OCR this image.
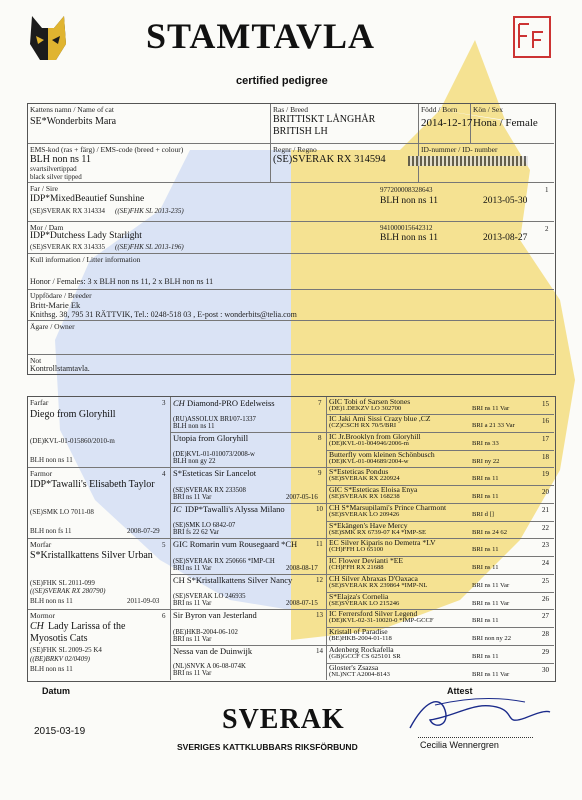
STAMTAVLA
certified pedigree
Kattens namn / Name of cat
SE*Wonderbits Mara
Ras / Breed
BRITTISKT LÅNGHÅR
BRITISH LH
Född / Born
2014-12-17
Kön / Sex
Hona / Female
EMS-kod (ras + färg) / EMS-code (breed + colour)
BLH non ns 11
svartsilvertippad
black silver tipped
Regnr / Regno
(SE)SVERAK RX 314594
ID-nummer / ID- number
Far / Sire
IDP*MixedBeautief Sunshine
(SE)SVERAK RX 314334 ((SE)FHK SL 2013-235)
977200008328643
BLH non ns 11	2013-05-30
1
Mor / Dam
IDP*Dutchess Lady Starlight
(SE)SVERAK RX 314335 ((SE)FHK SL 2013-196)
941000015642312
BLH non ns 11	2013-08-27
2
Kull information / Litter information
Honor / Females: 3 x BLH non ns 11, 2 x BLH non ns 11
Uppfödare / Breeder
Britt-Marie Ek
Knithsg. 38, 795 31 RÄTTVIK, Tel.: 0248-518 03 , E-post : wonderbits@telia.com
Ägare / Owner
Not
Kontrollstamtavla.
Farfar
Diego from Gloryhill
(DE)KVL-01-015860/2010-m
BLH non ns 11
3
Farmor
IDP*Tawalli's Elisabeth Taylor
(SE)SMK LO 7011-08
BLH non fs 11	2008-07-29
4
Morfar
S*Kristallkattens Silver Urban
(SE)FHK SL 2011-099
((SE)SVERAK RX 280790)
BLH non ns 11	2011-09-03
5
Mormor
CH Lady Larissa of the
Myosotis Cats
(SE)FHK SL 2009-25 K4
((BE)BRKV 02/0409)
BLH non ns 11
6
CH Diamond-PRO Edelweiss
(RU)ASSOLUX BRI/07-1337
BLH non ns 11
7
Utopia from Gloryhill
(DE)KVL-01-010073/2008-w
BLH non gy 22
8
S*Esteticas Sir Lancelot
(SE)SVERAK RX 233508
BRI ns 11 Var	2007-05-16
9
IC IDP*Tawalli's Alyssa Milano
(SE)SMK LO 6842-07
BRI fs 22 62 Var
10
GIC Romarin vum Rousegaard *CH
(SE)SVERAK RX 250666 *IMP-CH
BRI ns 11 Var	2008-08-17
11
CH S*Kristallkattens Silver Nancy
(SE)SVERAK LO 246935
BRI ns 11 Var	2008-07-15
12
Sir Byron van Jesterland
(BE)HKB-2004-06-102
BRI ns 11 Var
13
Nessa van de Duinwijk
(NL)SNVK A 06-08-074K
BRI ns 11 Var
14
GIC Tobi of Sarsen Stones
(DE)1.DEKZV LO 302700	BRI ns 11 Var
15
IC Jaki Ami Sissi Crazy blue ,CZ
(CZ)CSCH RX 70/5/BRI	BRI a 21 33 Var
16
IC Jr.Brooklyn from Gloryhill
(DE)KVL-01-004946/2006-m	BRI ns 33
17
Butterfly vom kleinen Schönbusch
(DE)KVL-01-004689/2004-w	BRI ny 22
18
S*Esteticas Pondus
(SE)SVERAK RX 220924	BRI ns 11
19
GIC S*Esteticas Eloisa Enya
(SE)SVERAK RX 168238	BRI ns 11
20
CH S*Marsupilami's Prince Charmont
(SE)SVERAK LO 209426	BRI d []
21
S*Ekängen's Have Mercy
(SE)SMK RX 6739-07 K4 *IMP-SE	BRI ns 24 62
22
EC Silver Kiparis no Demetra *LV
(CH)FFH LO 65100	BRI ns 11
23
IC Flower Devianti *EE
(CH)FFH RX 21688	BRI ns 11
24
CH Silver Abraxas D'Oaxaca
(SE)SVERAK RX 239864 *IMP-NL	BRI ns 11 Var
25
S*Elajza's Cornelia
(SE)SVERAK LO 215246	BRI ns 11 Var
26
IC Ferrersford Silver Legend
(DE)KVL-02-31-10020-0 *IMP-GCCF	BRI ns 11
27
Kristall of Paradise
(BE)HKB-2004-01-118	BRI non ny 22
28
Adenberg Rockafella
(GB)GCCF CS 625101 SR	BRI ns 11
29
Gloster's Zsazsa
(NL)NCT A2004-8143	BRI ns 11 Var
30
Datum
2015-03-19	SVERAK
SVERIGES KATTKLUBBARS RIKSFÖRBUND
Attest
Cecilia Wennergren
